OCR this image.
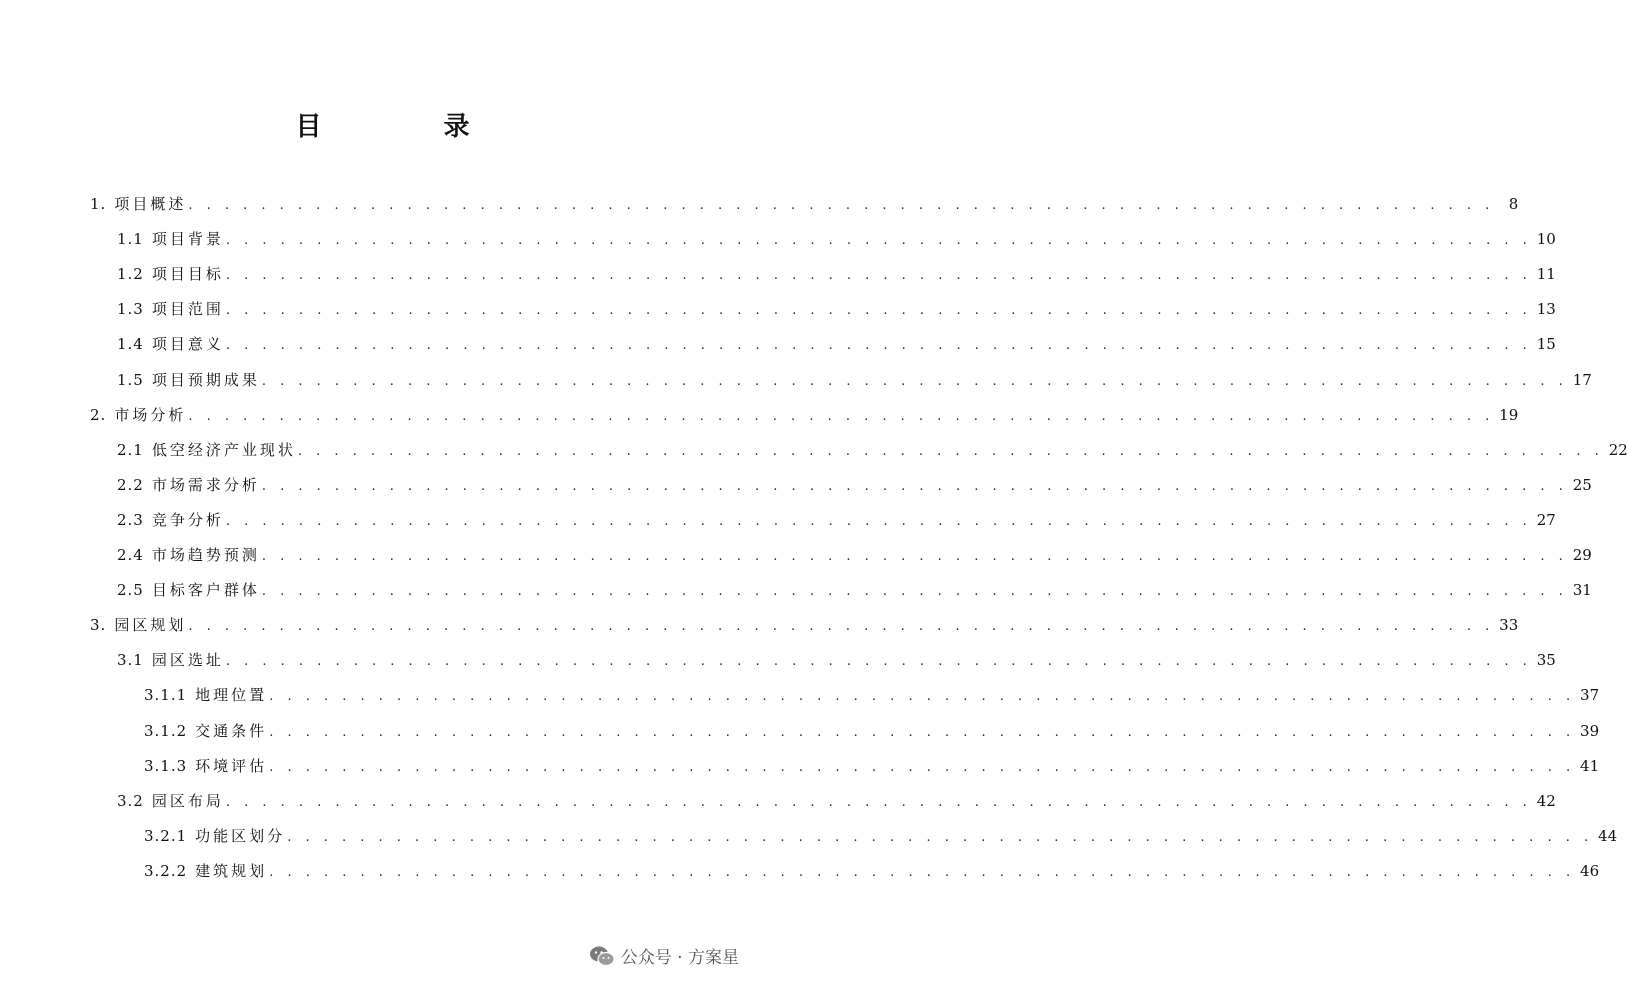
目　录
1. 项目概述 . . . . . . . . . . . . . . . . . . . . . . . . . . . . . . . . . . . . . . . . . . . . . . . . . . . . . . . . . . . . . . . . . . . . . . . . 8
1.1 项目背景 . . . . . . . . . . . . . . . . . . . . . . . . . . . . . . . . . . . . . . . . . . . . . . . . . . . . . . . . . . . . . . . . . . . . . . . . 10
1.2 项目目标 . . . . . . . . . . . . . . . . . . . . . . . . . . . . . . . . . . . . . . . . . . . . . . . . . . . . . . . . . . . . . . . . . . . . . . . . 11
1.3 项目范围 . . . . . . . . . . . . . . . . . . . . . . . . . . . . . . . . . . . . . . . . . . . . . . . . . . . . . . . . . . . . . . . . . . . . . . . . 13
1.4 项目意义 . . . . . . . . . . . . . . . . . . . . . . . . . . . . . . . . . . . . . . . . . . . . . . . . . . . . . . . . . . . . . . . . . . . . . . . . 15
1.5 项目预期成果 . . . . . . . . . . . . . . . . . . . . . . . . . . . . . . . . . . . . . . . . . . . . . . . . . . . . . . . . . . . . . . . . . . . . . . . . 17
2. 市场分析 . . . . . . . . . . . . . . . . . . . . . . . . . . . . . . . . . . . . . . . . . . . . . . . . . . . . . . . . . . . . . . . . . . . . . . . . 19
2.1 低空经济产业现状 . . . . . . . . . . . . . . . . . . . . . . . . . . . . . . . . . . . . . . . . . . . . . . . . . . . . . . . . . . . . . . . . . . . . . . . . 22
2.2 市场需求分析 . . . . . . . . . . . . . . . . . . . . . . . . . . . . . . . . . . . . . . . . . . . . . . . . . . . . . . . . . . . . . . . . . . . . . . . . 25
2.3 竞争分析 . . . . . . . . . . . . . . . . . . . . . . . . . . . . . . . . . . . . . . . . . . . . . . . . . . . . . . . . . . . . . . . . . . . . . . . . 27
2.4 市场趋势预测 . . . . . . . . . . . . . . . . . . . . . . . . . . . . . . . . . . . . . . . . . . . . . . . . . . . . . . . . . . . . . . . . . . . . . . . . 29
2.5 目标客户群体 . . . . . . . . . . . . . . . . . . . . . . . . . . . . . . . . . . . . . . . . . . . . . . . . . . . . . . . . . . . . . . . . . . . . . . . . 31
3. 园区规划 . . . . . . . . . . . . . . . . . . . . . . . . . . . . . . . . . . . . . . . . . . . . . . . . . . . . . . . . . . . . . . . . . . . . . . . . 33
3.1 园区选址 . . . . . . . . . . . . . . . . . . . . . . . . . . . . . . . . . . . . . . . . . . . . . . . . . . . . . . . . . . . . . . . . . . . . . . . . 35
3.1.1 地理位置 . . . . . . . . . . . . . . . . . . . . . . . . . . . . . . . . . . . . . . . . . . . . . . . . . . . . . . . . . . . . . . . . . . . . . . . . 37
3.1.2 交通条件 . . . . . . . . . . . . . . . . . . . . . . . . . . . . . . . . . . . . . . . . . . . . . . . . . . . . . . . . . . . . . . . . . . . . . . . . 39
3.1.3 环境评估 . . . . . . . . . . . . . . . . . . . . . . . . . . . . . . . . . . . . . . . . . . . . . . . . . . . . . . . . . . . . . . . . . . . . . . . . 41
3.2 园区布局 . . . . . . . . . . . . . . . . . . . . . . . . . . . . . . . . . . . . . . . . . . . . . . . . . . . . . . . . . . . . . . . . . . . . . . . . 42
3.2.1 功能区划分 . . . . . . . . . . . . . . . . . . . . . . . . . . . . . . . . . . . . . . . . . . . . . . . . . . . . . . . . . . . . . . . . . . . . . . . . 44
3.2.2 建筑规划 . . . . . . . . . . . . . . . . . . . . . . . . . . . . . . . . . . . . . . . . . . . . . . . . . . . . . . . . . . . . . . . . . . . . . . . . 46
公众号 · 方案星
